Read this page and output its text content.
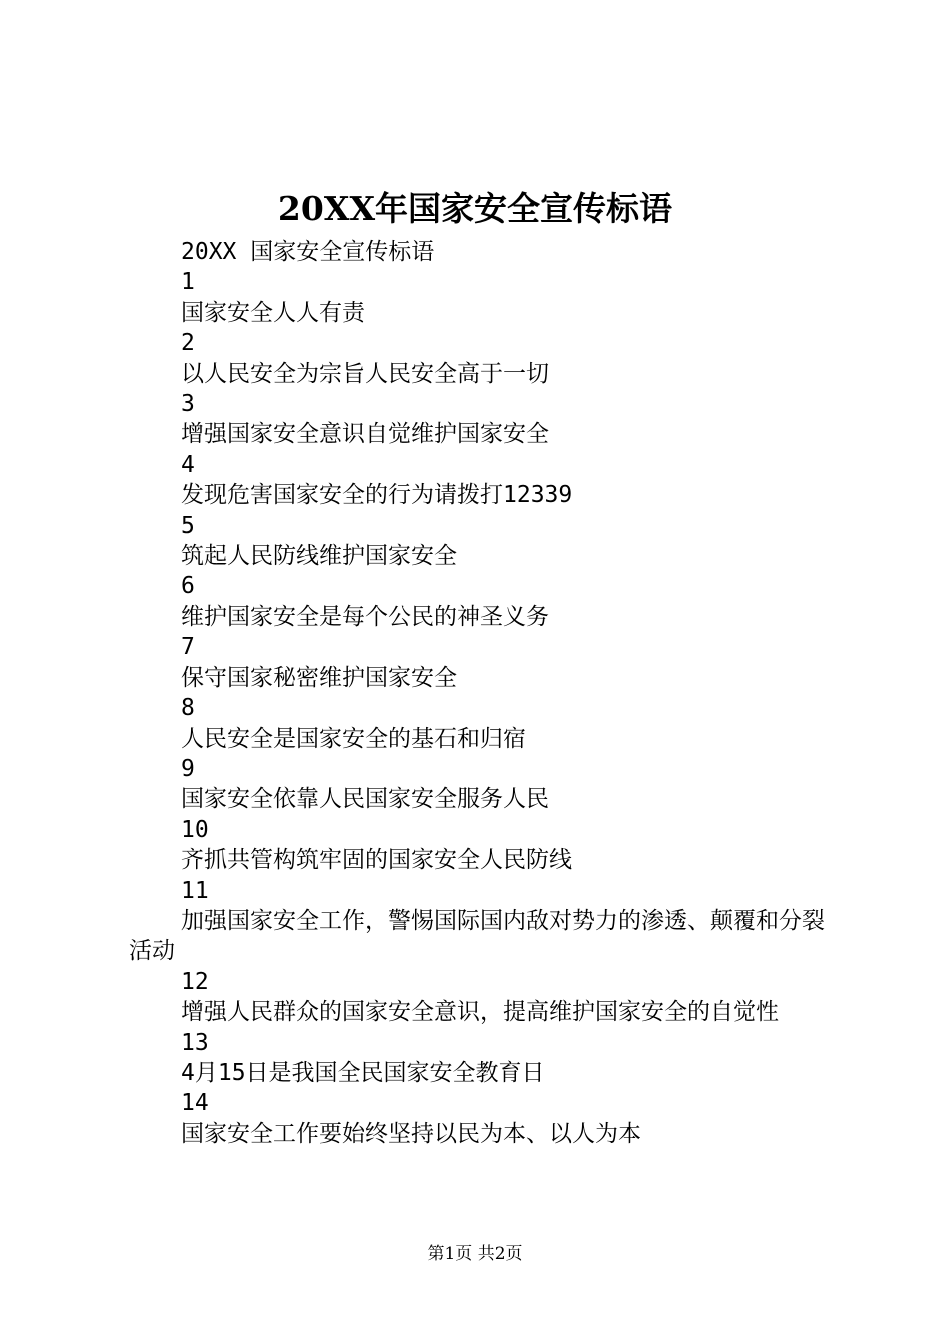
20XX年国家安全宣传标语
20XX 国家安全宣传标语
1
国家安全人人有责
2
以人民安全为宗旨人民安全高于一切
3
增强国家安全意识自觉维护国家安全
4
发现危害国家安全的行为请拨打12339
5
筑起人民防线维护国家安全
6
维护国家安全是每个公民的神圣义务
7
保守国家秘密维护国家安全
8
人民安全是国家安全的基石和归宿
9
国家安全依靠人民国家安全服务人民
10
齐抓共管构筑牢固的国家安全人民防线
11
加强国家安全工作，警惕国际国内敌对势力的渗透、颠覆和分裂活动
12
增强人民群众的国家安全意识，提高维护国家安全的自觉性
13
4月15日是我国全民国家安全教育日
14
国家安全工作要始终坚持以民为本、以人为本
第1页 共2页
